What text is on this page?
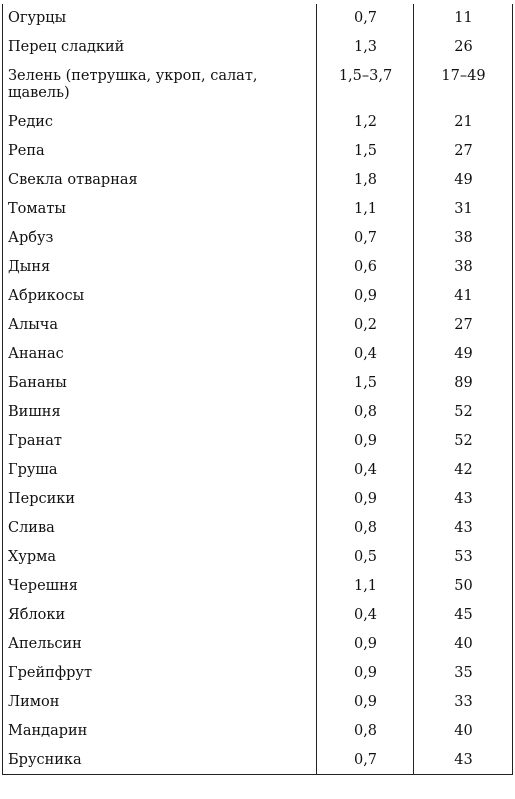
Огурцы	0,7	11
Перец сладкий	1,3	26
Зелень (петрушка, укроп, салат, щавель)	1,5–3,7	17–49
Редис	1,2	21
Репа	1,5	27
Свекла отварная	1,8	49
Томаты	1,1	31
Арбуз	0,7	38
Дыня	0,6	38
Абрикосы	0,9	41
Алыча	0,2	27
Ананас	0,4	49
Бананы	1,5	89
Вишня	0,8	52
Гранат	0,9	52
Груша	0,4	42
Персики	0,9	43
Слива	0,8	43
Хурма	0,5	53
Черешня	1,1	50
Яблоки	0,4	45
Апельсин	0,9	40
Грейпфрут	0,9	35
Лимон	0,9	33
Мандарин	0,8	40
Брусника	0,7	43
